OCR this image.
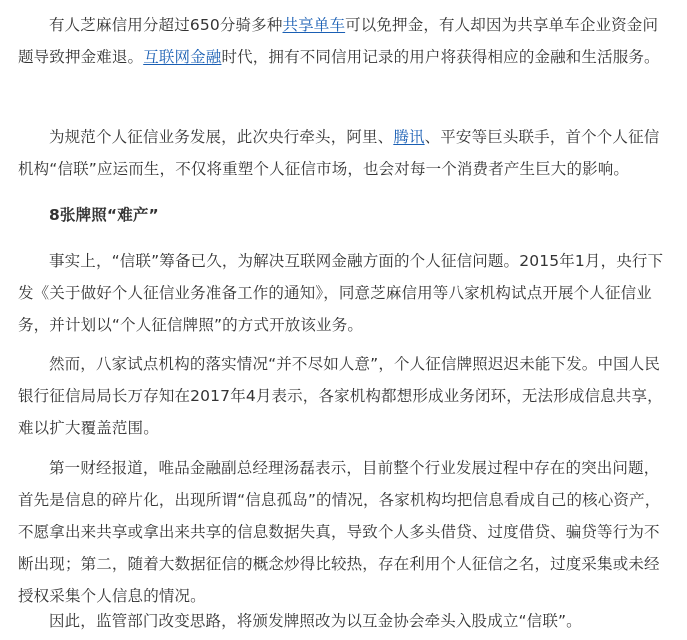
有人芝麻信用分超过650分骑多种共享单车可以免押金，有人却因为共享单车企业资金问题导致押金难退。互联网金融时代，拥有不同信用记录的用户将获得相应的金融和生活服务。

为规范个人征信业务发展，此次央行牵头，阿里、腾讯、平安等巨头联手，首个个人征信机构“信联”应运而生，不仅将重塑个人征信市场，也会对每一个消费者产生巨大的影响。

8张牌照“难产”

事实上，“信联”筹备已久，为解决互联网金融方面的个人征信问题。2015年1月，央行下发《关于做好个人征信业务准备工作的通知》，同意芝麻信用等八家机构试点开展个人征信业务，并计划以“个人征信牌照”的方式开放该业务。

然而，八家试点机构的落实情况“并不尽如人意”，个人征信牌照迟迟未能下发。中国人民银行征信局局长万存知在2017年4月表示，各家机构都想形成业务闭环，无法形成信息共享，难以扩大覆盖范围。

第一财经报道，唯品金融副总经理汤磊表示，目前整个行业发展过程中存在的突出问题，首先是信息的碎片化，出现所谓“信息孤岛”的情况，各家机构均把信息看成自己的核心资产，不愿拿出来共享或拿出来共享的信息数据失真，导致个人多头借贷、过度借贷、骗贷等行为不断出现；第二，随着大数据征信的概念炒得比较热，存在利用个人征信之名，过度采集或未经授权采集个人信息的情况。

因此，监管部门改变思路，将颁发牌照改为以互金协会牵头入股成立“信联”。
